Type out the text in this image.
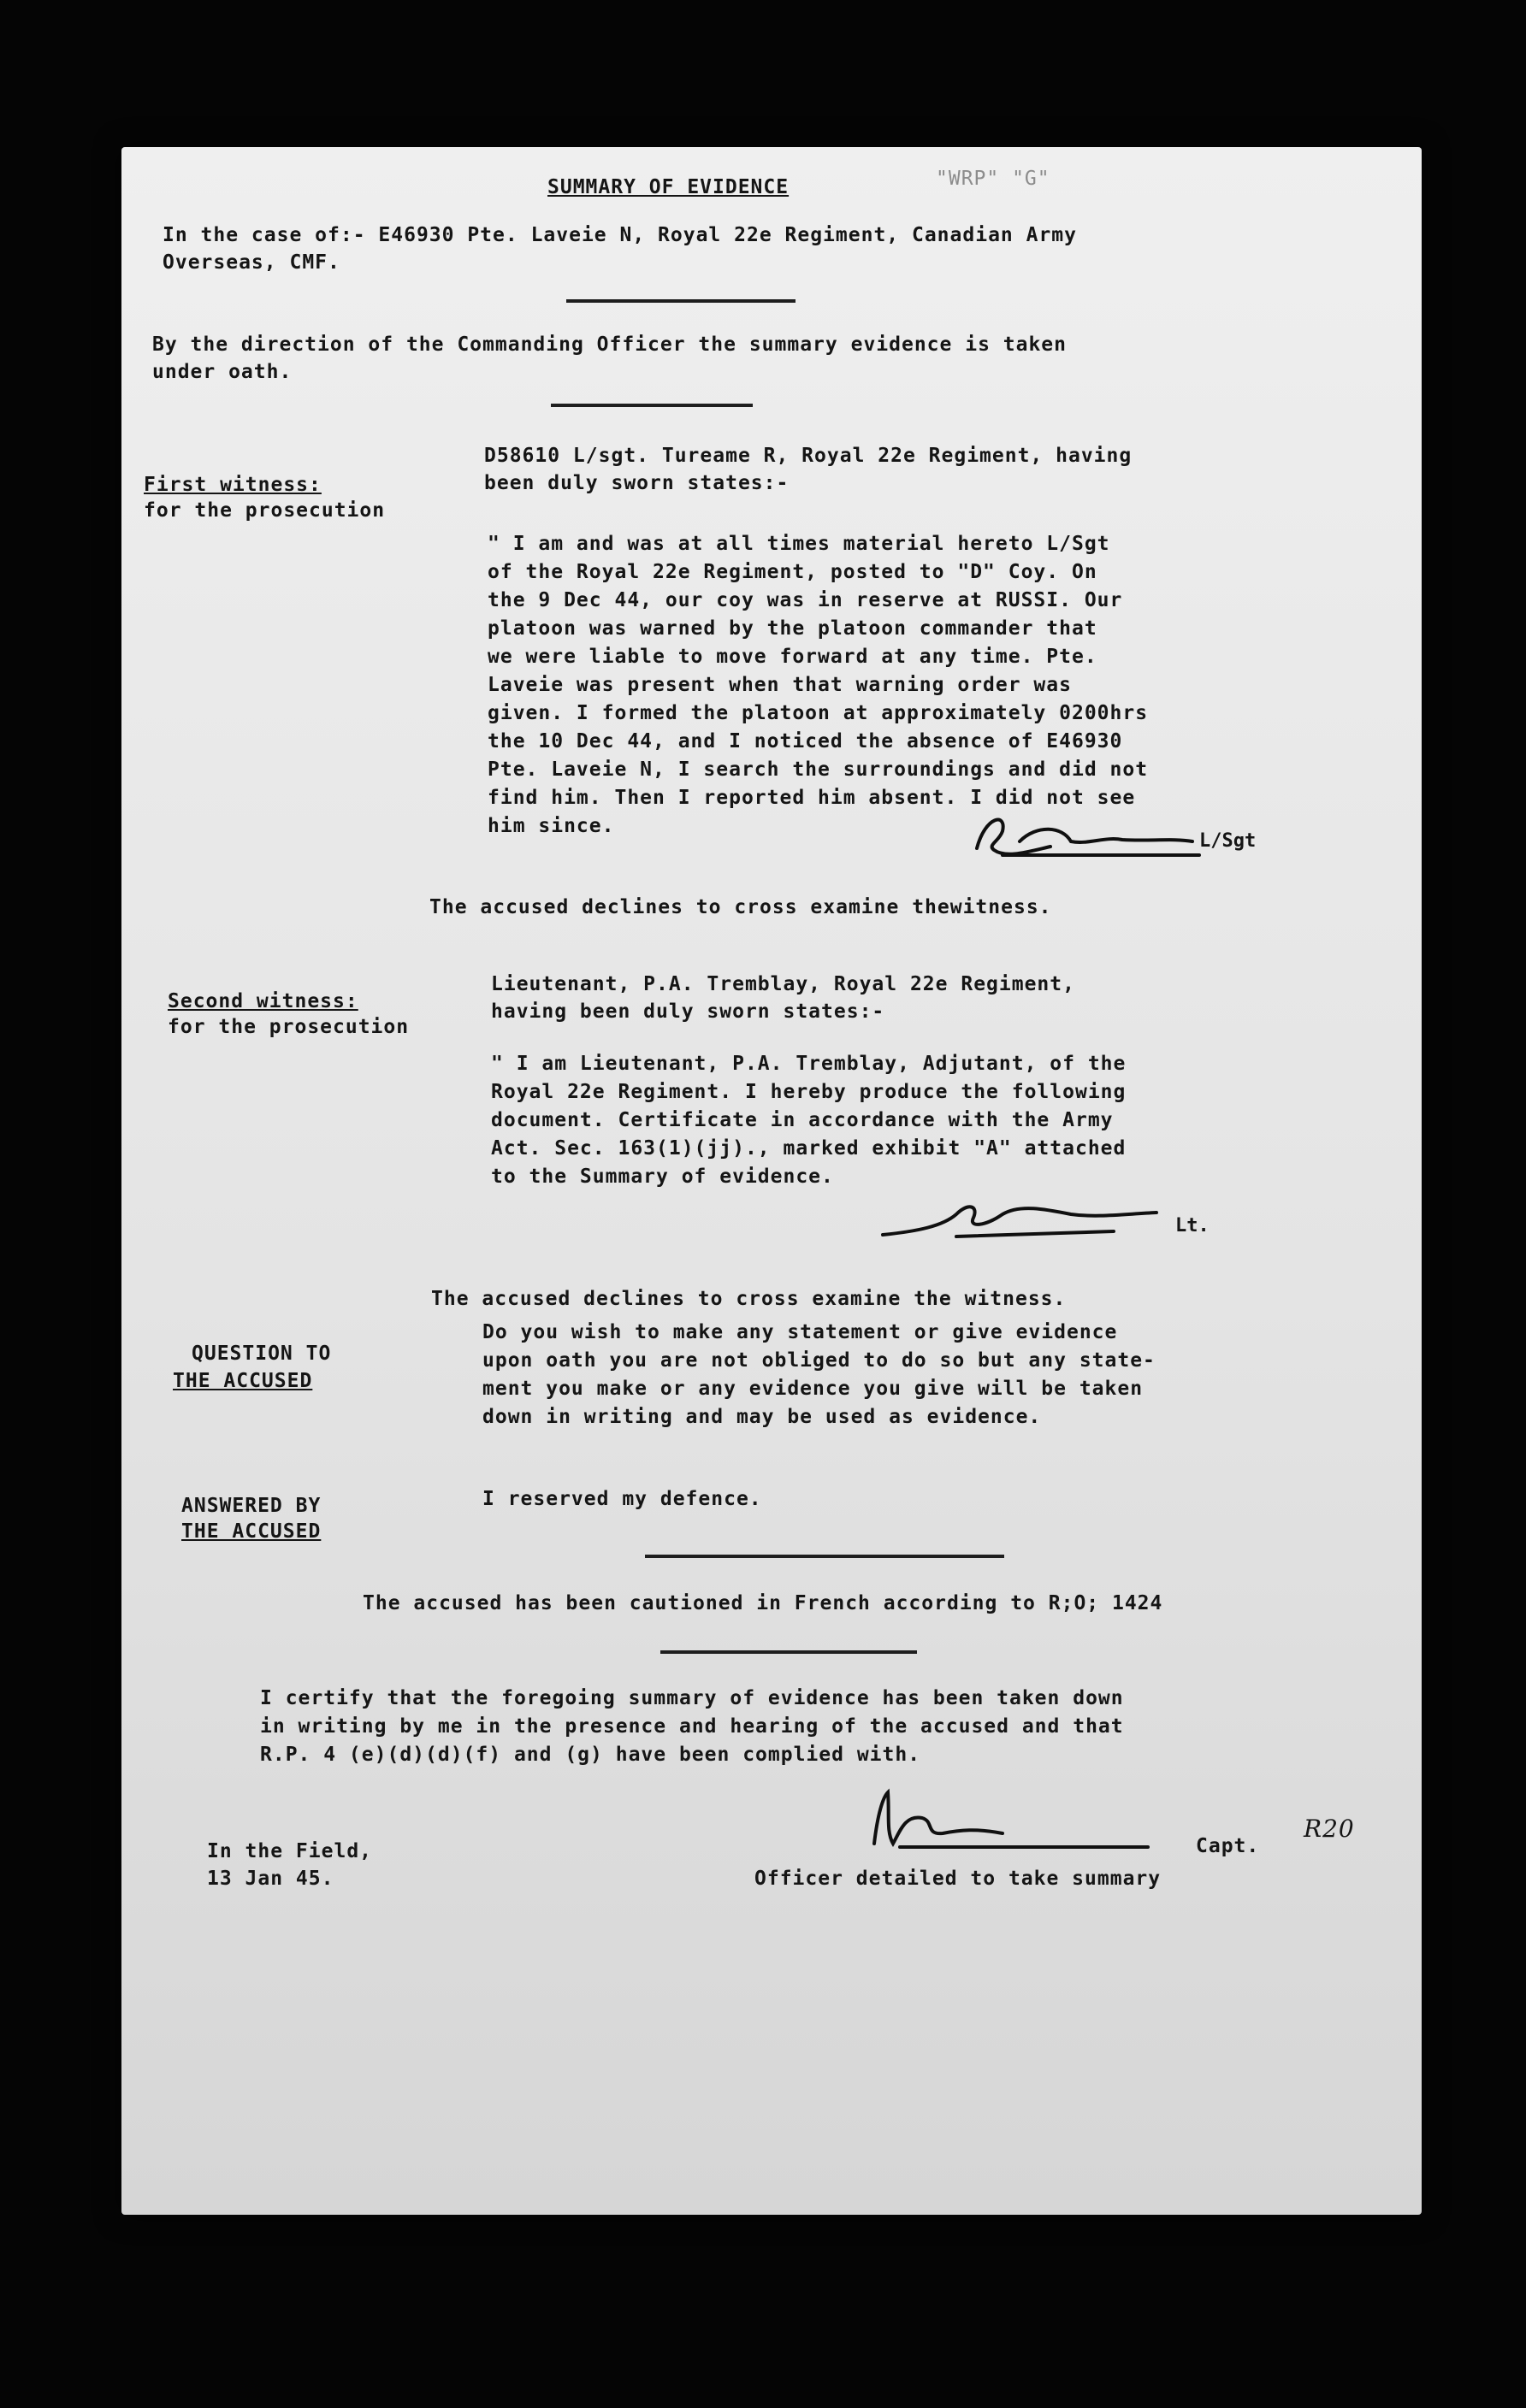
SUMMARY OF EVIDENCE	"WRP" "G"
In the case of:- E46930 Pte. Laveie N, Royal 22e Regiment, Canadian Army
Overseas, CMF.
By the direction of the Commanding Officer the summary evidence is taken
under oath.
First witness:
for the prosecution
D58610 L/sgt. Tureame R, Royal 22e Regiment, having
been duly sworn states:-
" I am and was at all times material hereto L/Sgt
of the Royal 22e Regiment, posted to "D" Coy. On
the 9 Dec 44, our coy was in reserve at RUSSI. Our
platoon was warned by the platoon commander that
we were liable to move forward at any time. Pte.
Laveie was present when that warning order was
given. I formed the platoon at approximately 0200hrs
the 10 Dec 44, and I noticed the absence of E46930
Pte. Laveie N, I search the surroundings and did not
find him. Then I reported him absent. I did not see
him since.
L/Sgt
The accused declines to cross examine thewitness.
Second witness:
for the prosecution
Lieutenant, P.A. Tremblay, Royal 22e Regiment,
having been duly sworn states:-
" I am Lieutenant, P.A. Tremblay, Adjutant, of the
Royal 22e Regiment. I hereby produce the following
document. Certificate in accordance with the Army
Act. Sec. 163(1)(jj)., marked exhibit "A" attached
to the Summary of evidence.
Lt.
The accused declines to cross examine the witness.
QUESTION TO
THE ACCUSED
Do you wish to make any statement or give evidence
upon oath you are not obliged to do so but any state-
ment you make or any evidence you give will be taken
down in writing and may be used as evidence.
ANSWERED BY
THE ACCUSED
I reserved my defence.
The accused has been cautioned in French according to R;O; 1424
I certify that the foregoing summary of evidence has been taken down
in writing by me in the presence and hearing of the accused and that
R.P. 4 (e)(d)(d)(f) and (g) have been complied with.
In the Field,
13 Jan 45.
Capt.
Officer detailed to take summary
R20
